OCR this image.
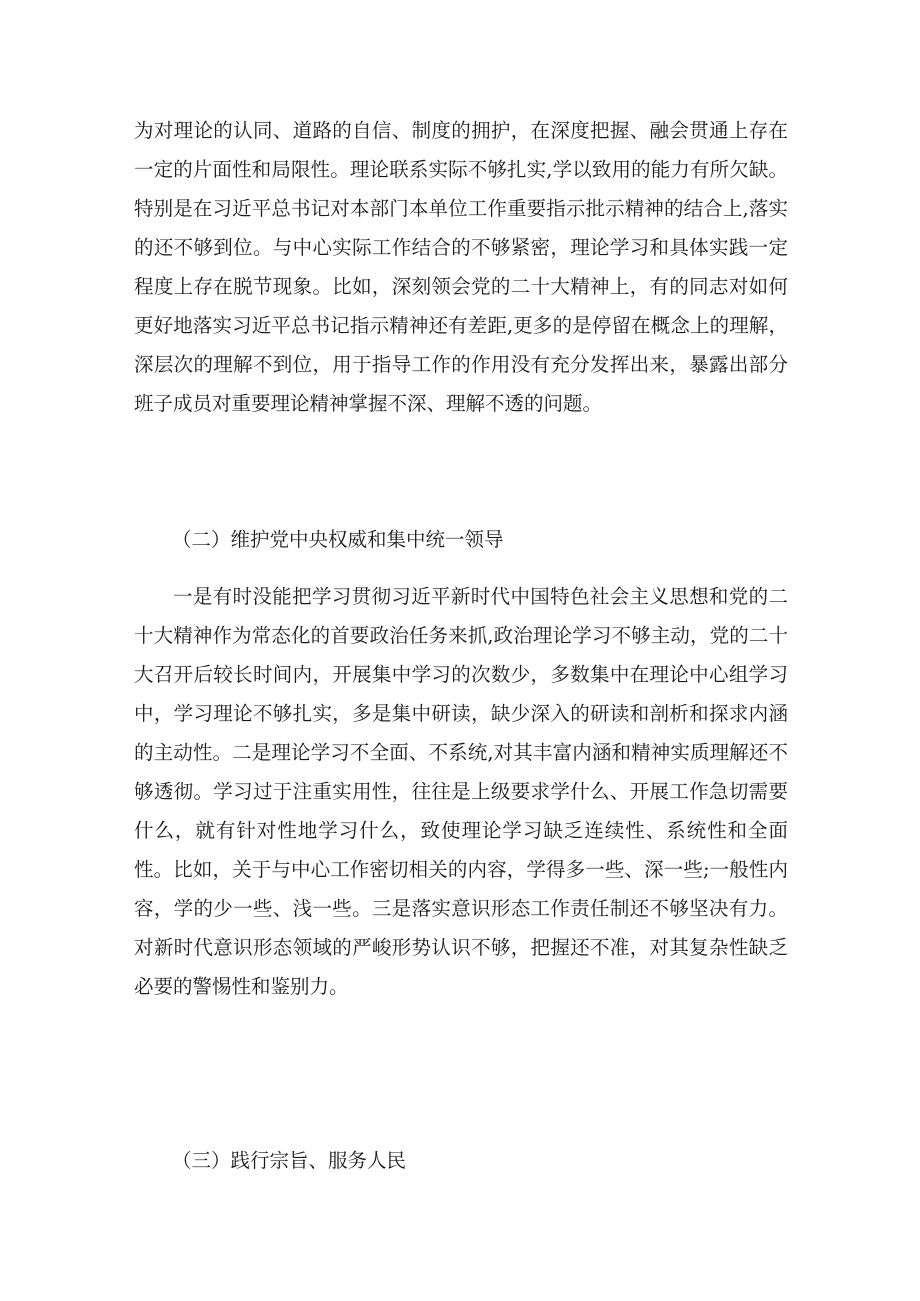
为对理论的认同、道路的自信、制度的拥护，在深度把握、融会贯通上存在一定的片面性和局限性。理论联系实际不够扎实,学以致用的能力有所欠缺。特别是在习近平总书记对本部门本单位工作重要指示批示精神的结合上,落实的还不够到位。与中心实际工作结合的不够紧密，理论学习和具体实践一定程度上存在脱节现象。比如，深刻领会党的二十大精神上，有的同志对如何更好地落实习近平总书记指示精神还有差距,更多的是停留在概念上的理解，深层次的理解不到位，用于指导工作的作用没有充分发挥出来，暴露出部分班子成员对重要理论精神掌握不深、理解不透的问题。

（二）维护党中央权威和集中统一领导

一是有时没能把学习贯彻习近平新时代中国特色社会主义思想和党的二十大精神作为常态化的首要政治任务来抓,政治理论学习不够主动，党的二十大召开后较长时间内，开展集中学习的次数少，多数集中在理论中心组学习中，学习理论不够扎实，多是集中研读，缺少深入的研读和剖析和探求内涵的主动性。二是理论学习不全面、不系统,对其丰富内涵和精神实质理解还不够透彻。学习过于注重实用性，往往是上级要求学什么、开展工作急切需要什么，就有针对性地学习什么，致使理论学习缺乏连续性、系统性和全面性。比如，关于与中心工作密切相关的内容，学得多一些、深一些;一般性内容，学的少一些、浅一些。三是落实意识形态工作责任制还不够坚决有力。对新时代意识形态领域的严峻形势认识不够，把握还不准，对其复杂性缺乏必要的警惕性和鉴别力。

（三）践行宗旨、服务人民
